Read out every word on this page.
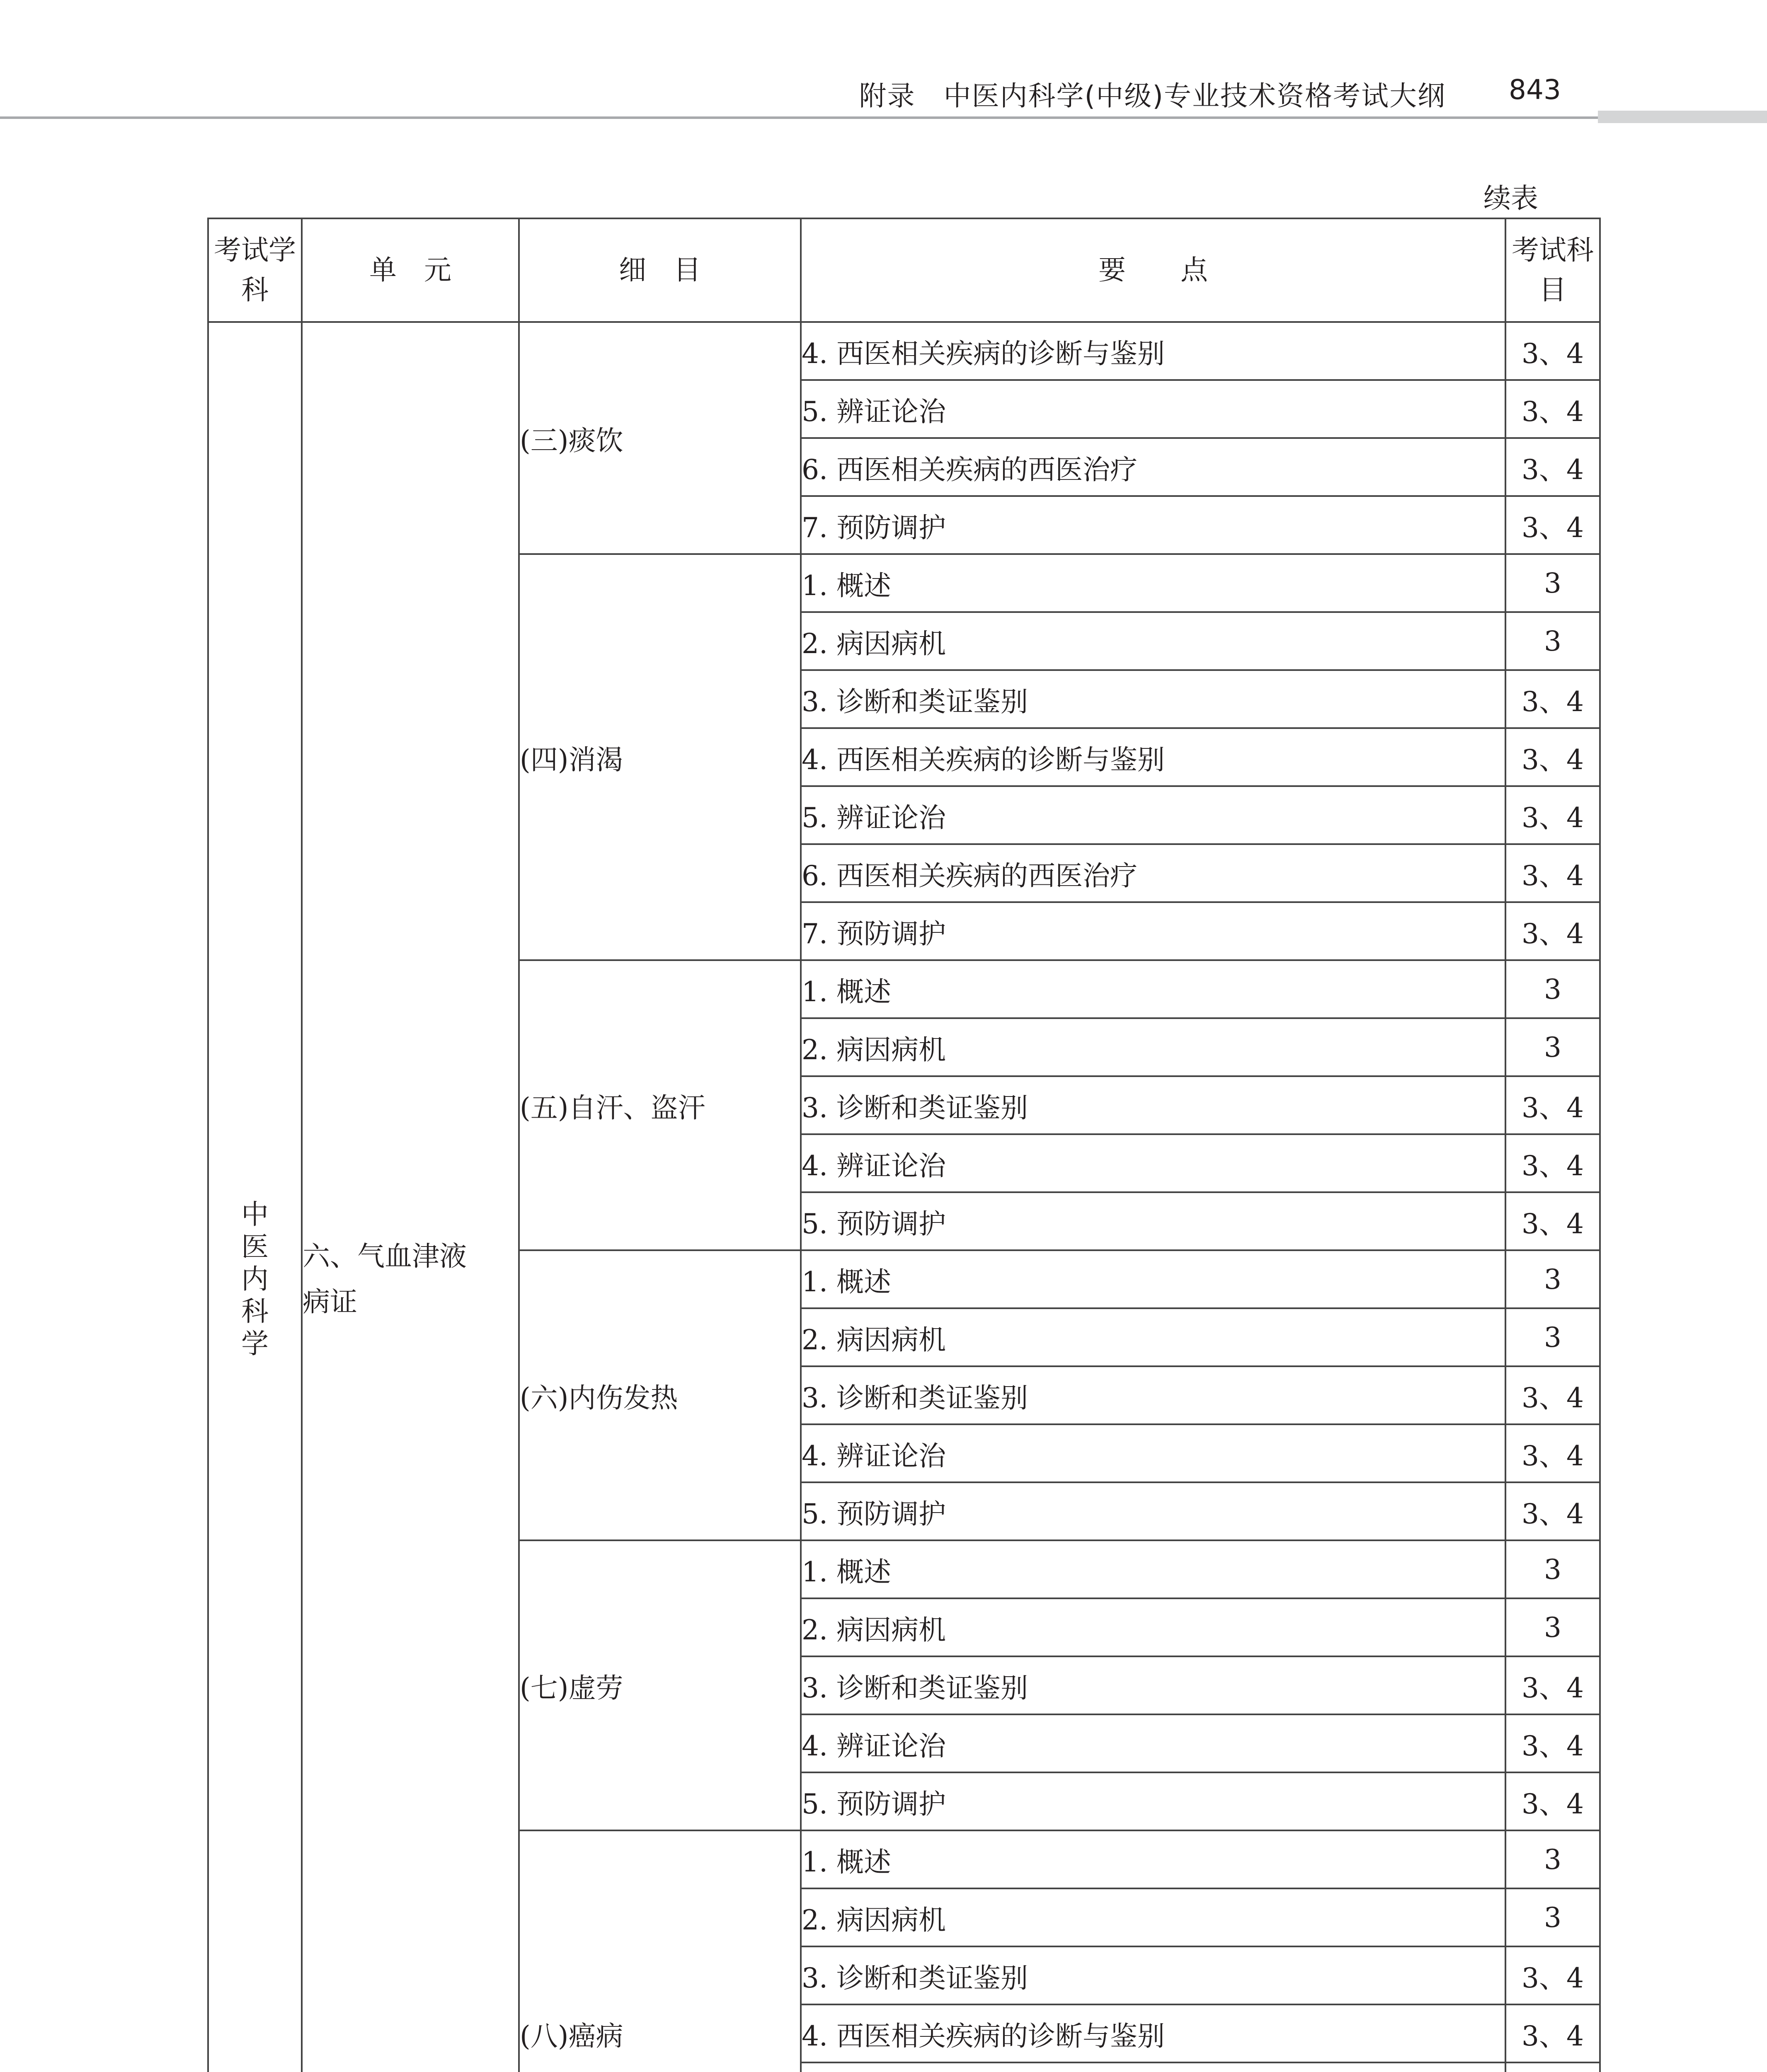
附录　中医内科学(中级)专业技术资格考试大纲 843
续表
考试学科	单　元	细　目	要　　点	考试科目

中
医
内
科
学	六、气血津液病证	(三)痰饮	4. 西医相关疾病的诊断与鉴别	3、4
			5. 辨证论治	3、4
			6. 西医相关疾病的西医治疗	3、4
			7. 预防调护	3、4
		(四)消渴	1. 概述	3
			2. 病因病机	3
			3. 诊断和类证鉴别	3、4
			4. 西医相关疾病的诊断与鉴别	3、4
			5. 辨证论治	3、4
			6. 西医相关疾病的西医治疗	3、4
			7. 预防调护	3、4
		(五)自汗、盗汗	1. 概述	3
			2. 病因病机	3
			3. 诊断和类证鉴别	3、4
			4. 辨证论治	3、4
			5. 预防调护	3、4
		(六)内伤发热	1. 概述	3
			2. 病因病机	3
			3. 诊断和类证鉴别	3、4
			4. 辨证论治	3、4
			5. 预防调护	3、4
		(七)虚劳	1. 概述	3
			2. 病因病机	3
			3. 诊断和类证鉴别	3、4
			4. 辨证论治	3、4
			5. 预防调护	3、4
		(八)癌病	1. 概述	3
			2. 病因病机	3
			3. 诊断和类证鉴别	3、4
			4. 西医相关疾病的诊断与鉴别	3、4
